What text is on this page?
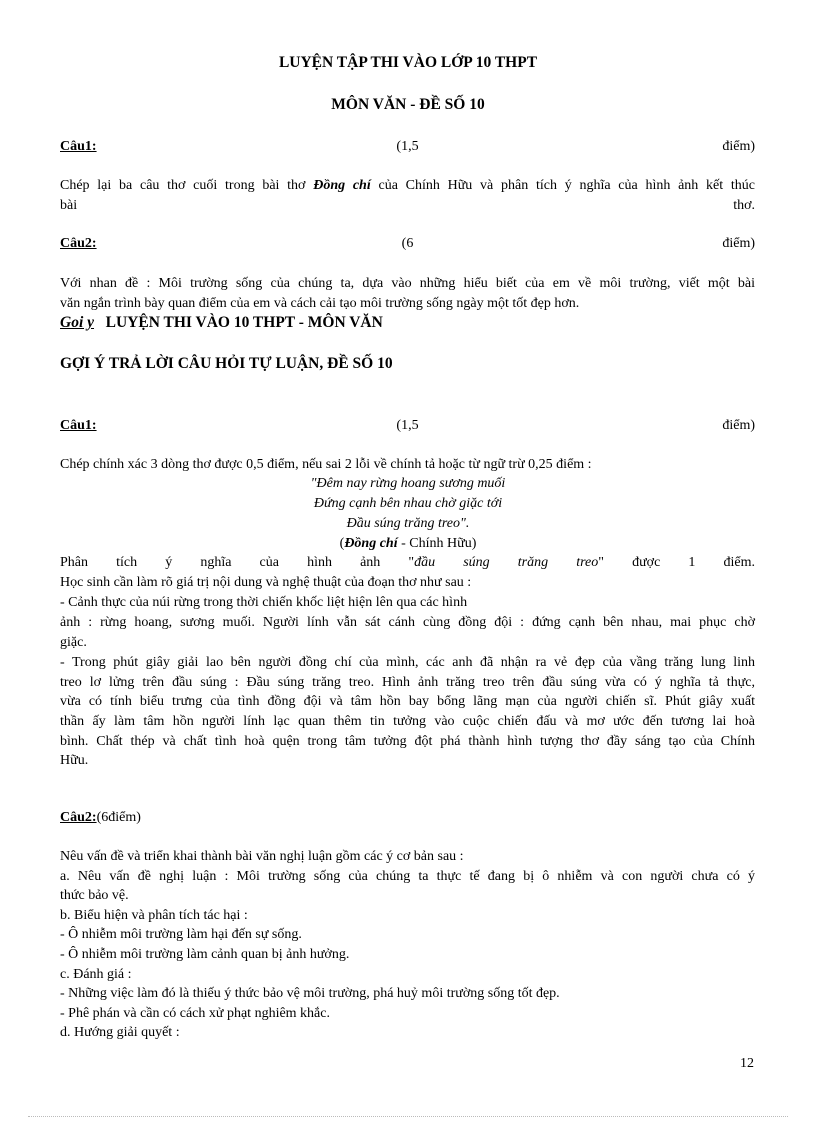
LUYỆN TẬP THI VÀO LỚP 10 THPT
MÔN VĂN - ĐỀ SỐ 10
Câu1:	(1,5	điểm)
Chép lại ba câu thơ cuối trong bài thơ Đồng chí của Chính Hữu và phân tích ý nghĩa của hình ảnh kết thúc
bài	thơ.
Câu2:	(6	điểm)
Với nhan đề : Môi trường sống của chúng ta, dựa vào những hiểu biết của em về môi trường, viết một bài
văn ngắn trình bày quan điểm của em và cách cải tạo môi trường sống ngày một tốt đẹp hơn.
Goi y LUYỆN THI VÀO 10 THPT - MÔN VĂN
GỢI Ý TRẢ LỜI CÂU HỎI TỰ LUẬN, ĐỀ SỐ 10
Câu1:	(1,5	điểm)
Chép chính xác 3 dòng thơ được 0,5 điểm, nếu sai 2 lỗi về chính tả hoặc từ ngữ trừ 0,25 điểm :
"Đêm nay rừng hoang sương muối
Đứng cạnh bên nhau chờ giặc tới
Đầu súng trăng treo".
(Đồng chí - Chính Hữu)
Phân tích ý nghĩa của hình ảnh "đầu súng trăng treo" được 1 điểm.
Học sinh cần làm rõ giá trị nội dung và nghệ thuật của đoạn thơ như sau :
- Cảnh thực của núi rừng trong thời chiến khốc liệt hiện lên qua các hình
ảnh : rừng hoang, sương muối. Người lính vẫn sát cánh cùng đồng đội : đứng cạnh bên nhau, mai phục chờ
giặc.
- Trong phút giây giải lao bên người đồng chí của mình, các anh đã nhận ra vẻ đẹp của vầng trăng lung linh
treo lơ lửng trên đầu súng : Đầu súng trăng treo. Hình ảnh trăng treo trên đầu súng vừa có ý nghĩa tả thực,
vừa có tính biểu trưng của tình đồng đội và tâm hồn bay bổng lãng mạn của người chiến sĩ. Phút giây xuất
thần ấy làm tâm hồn người lính lạc quan thêm tin tưởng vào cuộc chiến đấu và mơ ước đến tương lai hoà
bình. Chất thép và chất tình hoà quện trong tâm tưởng đột phá thành hình tượng thơ đầy sáng tạo của Chính
Hữu.
Câu2:(6điểm)
Nêu vấn đề và triển khai thành bài văn nghị luận gồm các ý cơ bản sau :
a. Nêu vấn đề nghị luận : Môi trường sống của chúng ta thực tế đang bị ô nhiễm và con người chưa có ý
thức bảo vệ.
b. Biểu hiện và phân tích tác hại :
- Ô nhiễm môi trường làm hại đến sự sống.
- Ô nhiễm môi trường làm cảnh quan bị ảnh hưởng.
c. Đánh giá :
- Những việc làm đó là thiếu ý thức bảo vệ môi trường, phá huỷ môi trường sống tốt đẹp.
- Phê phán và cần có cách xử phạt nghiêm khắc.
d. Hướng giải quyết :
12
